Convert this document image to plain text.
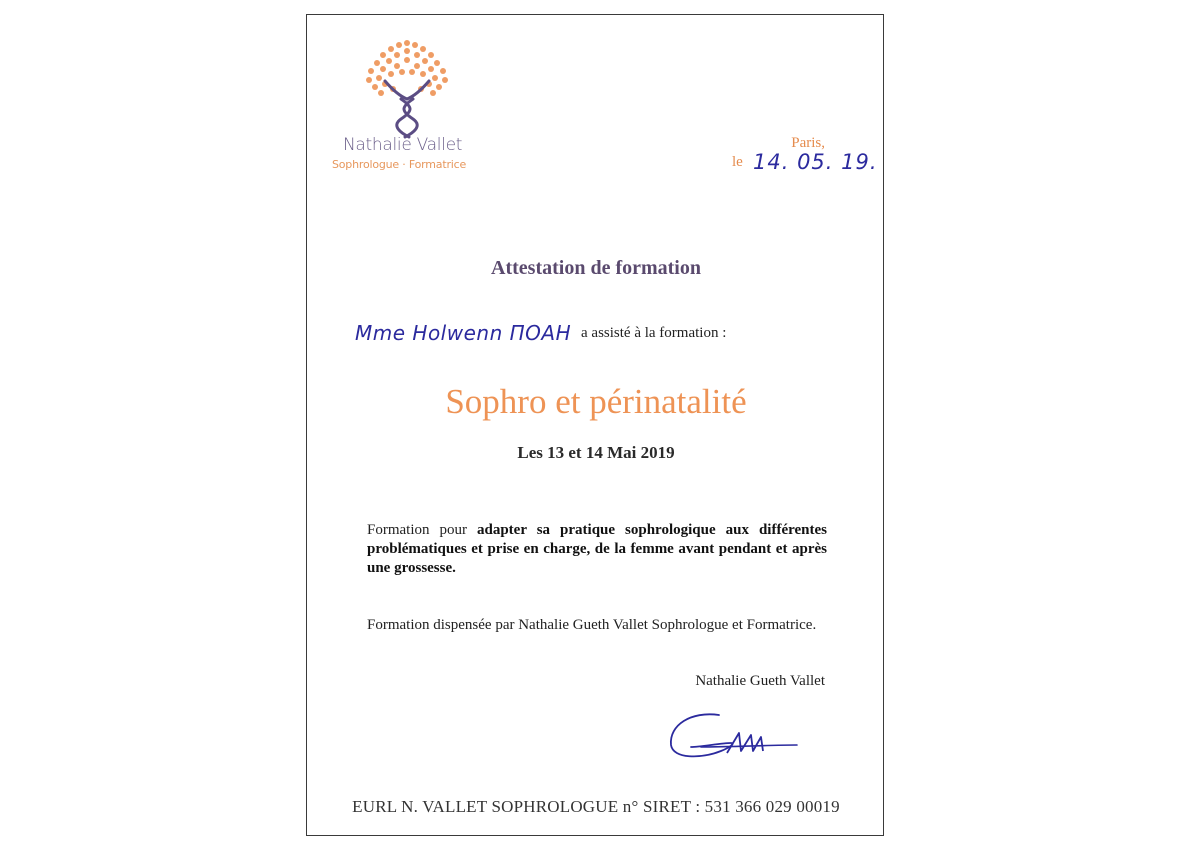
Nathalie Vallet
Sophrologue · Formatrice
Paris,
le 14. 05. 19.
Attestation de formation
Mme Holwenn ΠOAH a assisté à la formation :
Sophro et périnatalité
Les 13 et 14 Mai 2019
Formation pour adapter sa pratique sophrologique aux différentes problématiques et prise en charge, de la femme avant pendant et après une grossesse.
Formation dispensée par Nathalie Gueth Vallet Sophrologue et Formatrice.
Nathalie Gueth Vallet
EURL N. VALLET SOPHROLOGUE n° SIRET : 531 366 029 00019
